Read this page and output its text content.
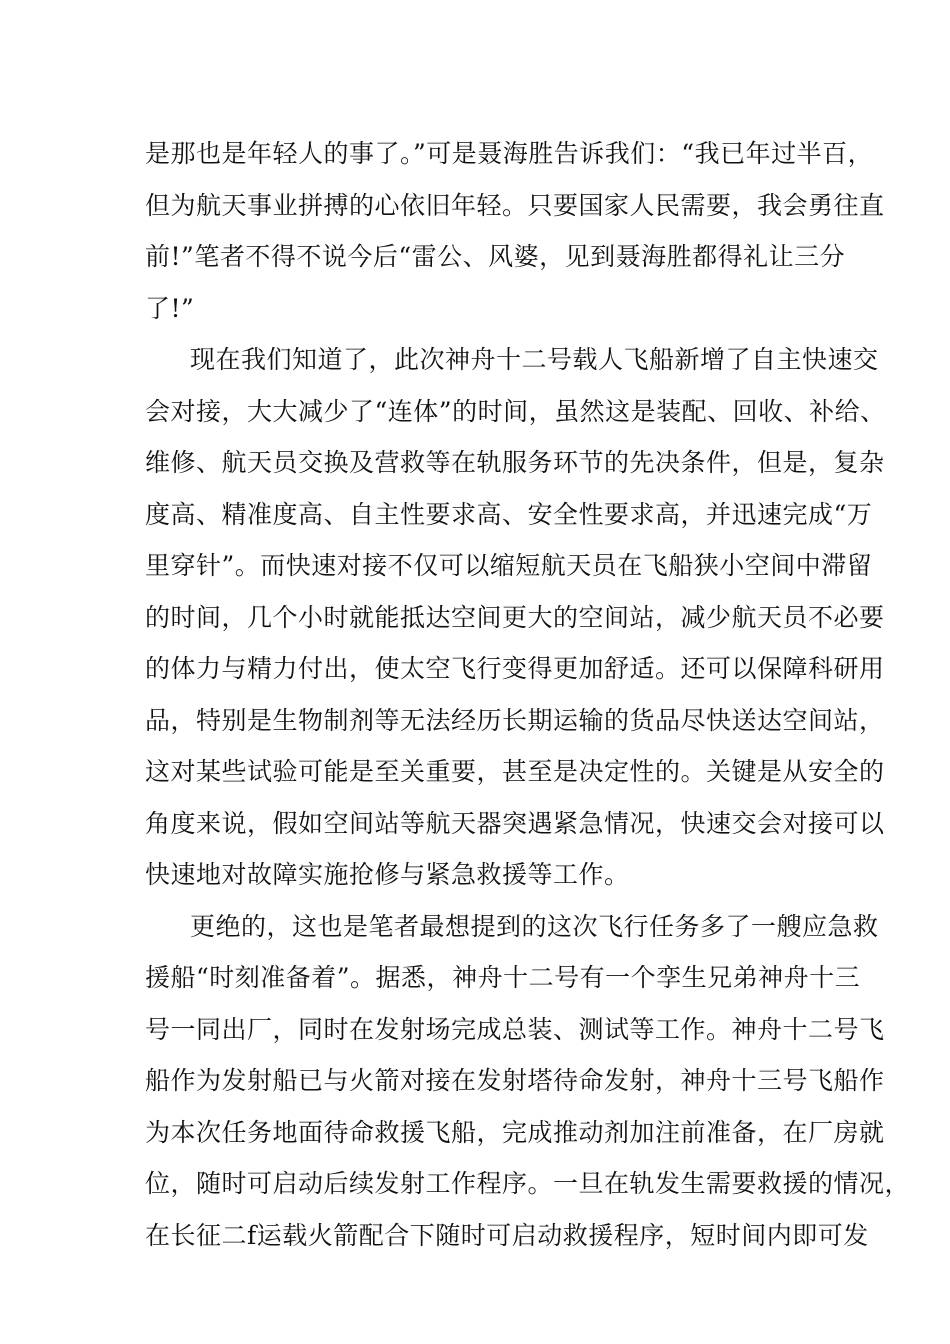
是那也是年轻人的事了。”可是聂海胜告诉我们：“我已年过半百，
但为航天事业拼搏的心依旧年轻。只要国家人民需要，我会勇往直
前!”笔者不得不说今后“雷公、风婆，见到聂海胜都得礼让三分
了!”
现在我们知道了，此次神舟十二号载人飞船新增了自主快速交
会对接，大大减少了“连体”的时间，虽然这是装配、回收、补给、
维修、航天员交换及营救等在轨服务环节的先决条件，但是，复杂
度高、精准度高、自主性要求高、安全性要求高，并迅速完成“万
里穿针”。而快速对接不仅可以缩短航天员在飞船狭小空间中滞留
的时间，几个小时就能抵达空间更大的空间站，减少航天员不必要
的体力与精力付出，使太空飞行变得更加舒适。还可以保障科研用
品，特别是生物制剂等无法经历长期运输的货品尽快送达空间站，
这对某些试验可能是至关重要，甚至是决定性的。关键是从安全的
角度来说，假如空间站等航天器突遇紧急情况，快速交会对接可以
快速地对故障实施抢修与紧急救援等工作。
更绝的，这也是笔者最想提到的这次飞行任务多了一艘应急救
援船“时刻准备着”。据悉，神舟十二号有一个孪生兄弟神舟十三
号一同出厂，同时在发射场完成总装、测试等工作。神舟十二号飞
船作为发射船已与火箭对接在发射塔待命发射，神舟十三号飞船作
为本次任务地面待命救援飞船，完成推动剂加注前准备，在厂房就
位，随时可启动后续发射工作程序。一旦在轨发生需要救援的情况，
在长征二f运载火箭配合下随时可启动救援程序，短时间内即可发
